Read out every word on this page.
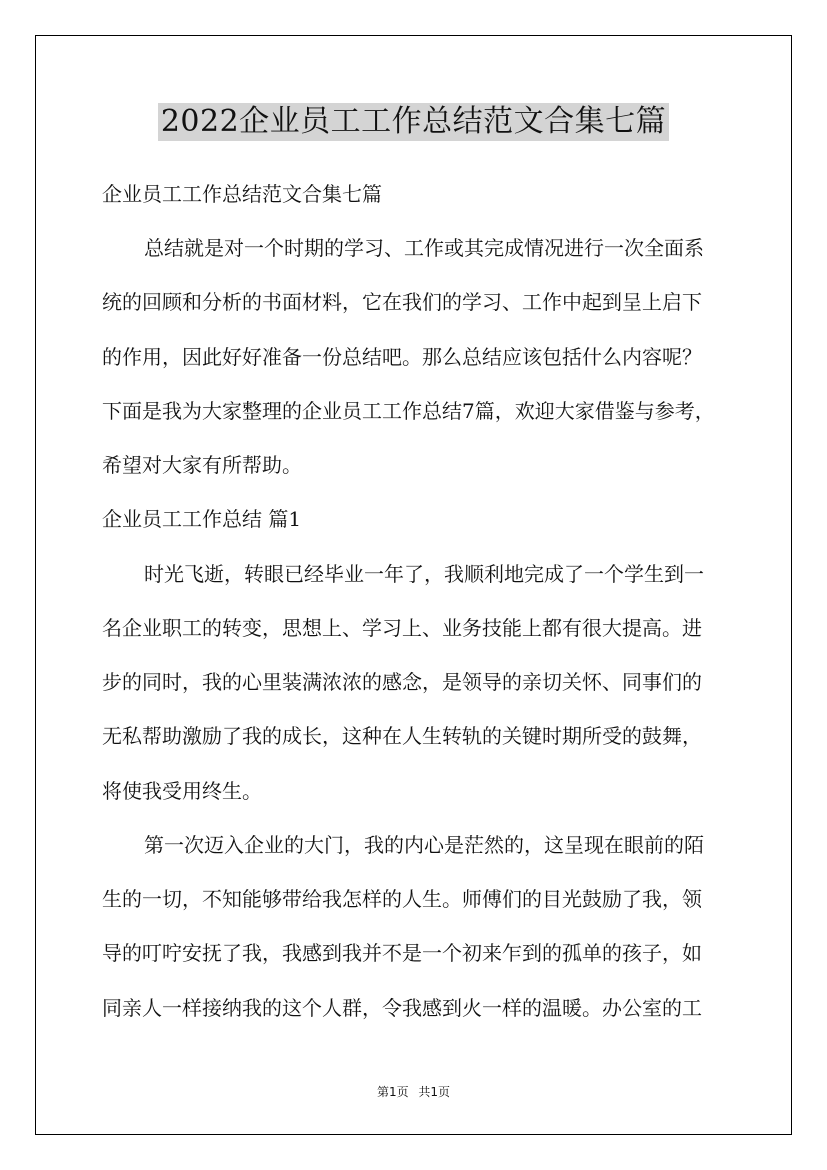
2022企业员工工作总结范文合集七篇
企业员工工作总结范文合集七篇
总结就是对一个时期的学习、工作或其完成情况进行一次全面系
统的回顾和分析的书面材料，它在我们的学习、工作中起到呈上启下
的作用，因此好好准备一份总结吧。那么总结应该包括什么内容呢？
下面是我为大家整理的企业员工工作总结7篇，欢迎大家借鉴与参考，
希望对大家有所帮助。
企业员工工作总结 篇1
时光飞逝，转眼已经毕业一年了，我顺利地完成了一个学生到一
名企业职工的转变，思想上、学习上、业务技能上都有很大提高。进
步的同时，我的心里装满浓浓的感念，是领导的亲切关怀、同事们的
无私帮助激励了我的成长，这种在人生转轨的关键时期所受的鼓舞，
将使我受用终生。
第一次迈入企业的大门，我的内心是茫然的，这呈现在眼前的陌
生的一切，不知能够带给我怎样的人生。师傅们的目光鼓励了我，领
导的叮咛安抚了我，我感到我并不是一个初来乍到的孤单的孩子，如
同亲人一样接纳我的这个人群，令我感到火一样的温暖。办公室的工
第1页 共1页
